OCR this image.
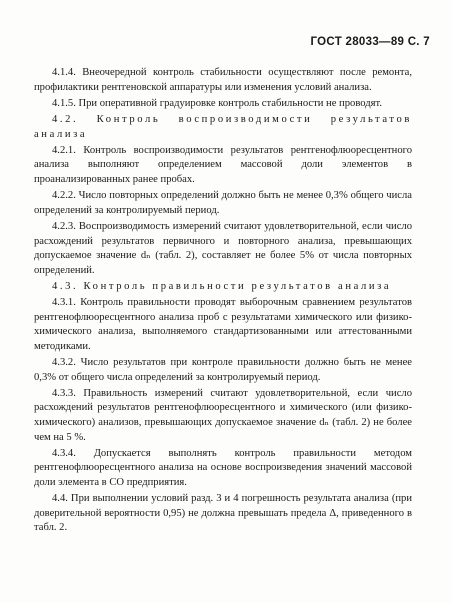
ГОСТ 28033—89 С. 7

4.1.4. Внеочередной контроль стабильности осуществляют после ремонта, профилактики рентгеновской аппаратуры или изменения условий анализа.

4.1.5. При оперативной градуировке контроль стабильности не проводят.

4.2. Контроль воспроизводимости результатов анализа

4.2.1. Контроль воспроизводимости результатов рентгенофлюоресцентного анализа выполняют определением массовой доли элементов в проанализированных ранее пробах.

4.2.2. Число повторных определений должно быть не менее 0,3% общего числа определений за контролируемый период.

4.2.3. Воспроизводимость измерений считают удовлетворительной, если число расхождений результатов первичного и повторного анализа, превышающих допускаемое значение dₙ (табл. 2), составляет не более 5% от числа повторных определений.

4.3. Контроль правильности результатов анализа

4.3.1. Контроль правильности проводят выборочным сравнением результатов рентгенофлюоресцентного анализа проб с результатами химического или физико-химического анализа, выполняемого стандартизованными или аттестованными методиками.

4.3.2. Число результатов при контроле правильности должно быть не менее 0,3% от общего числа определений за контролируемый период.

4.3.3. Правильность измерений считают удовлетворительной, если число расхождений результатов рентгенофлюоресцентного и химического (или физико-химического) анализов, превышающих допускаемое значение dₙ (табл. 2) не более чем на 5 %.

4.3.4. Допускается выполнять контроль правильности методом рентгенофлюоресцентного анализа на основе воспроизведения значений массовой доли элемента в СО предприятия.

4.4. При выполнении условий разд. 3 и 4 погрешность результата анализа (при доверительной вероятности 0,95) не должна превышать предела Δ, приведенного в табл. 2.
